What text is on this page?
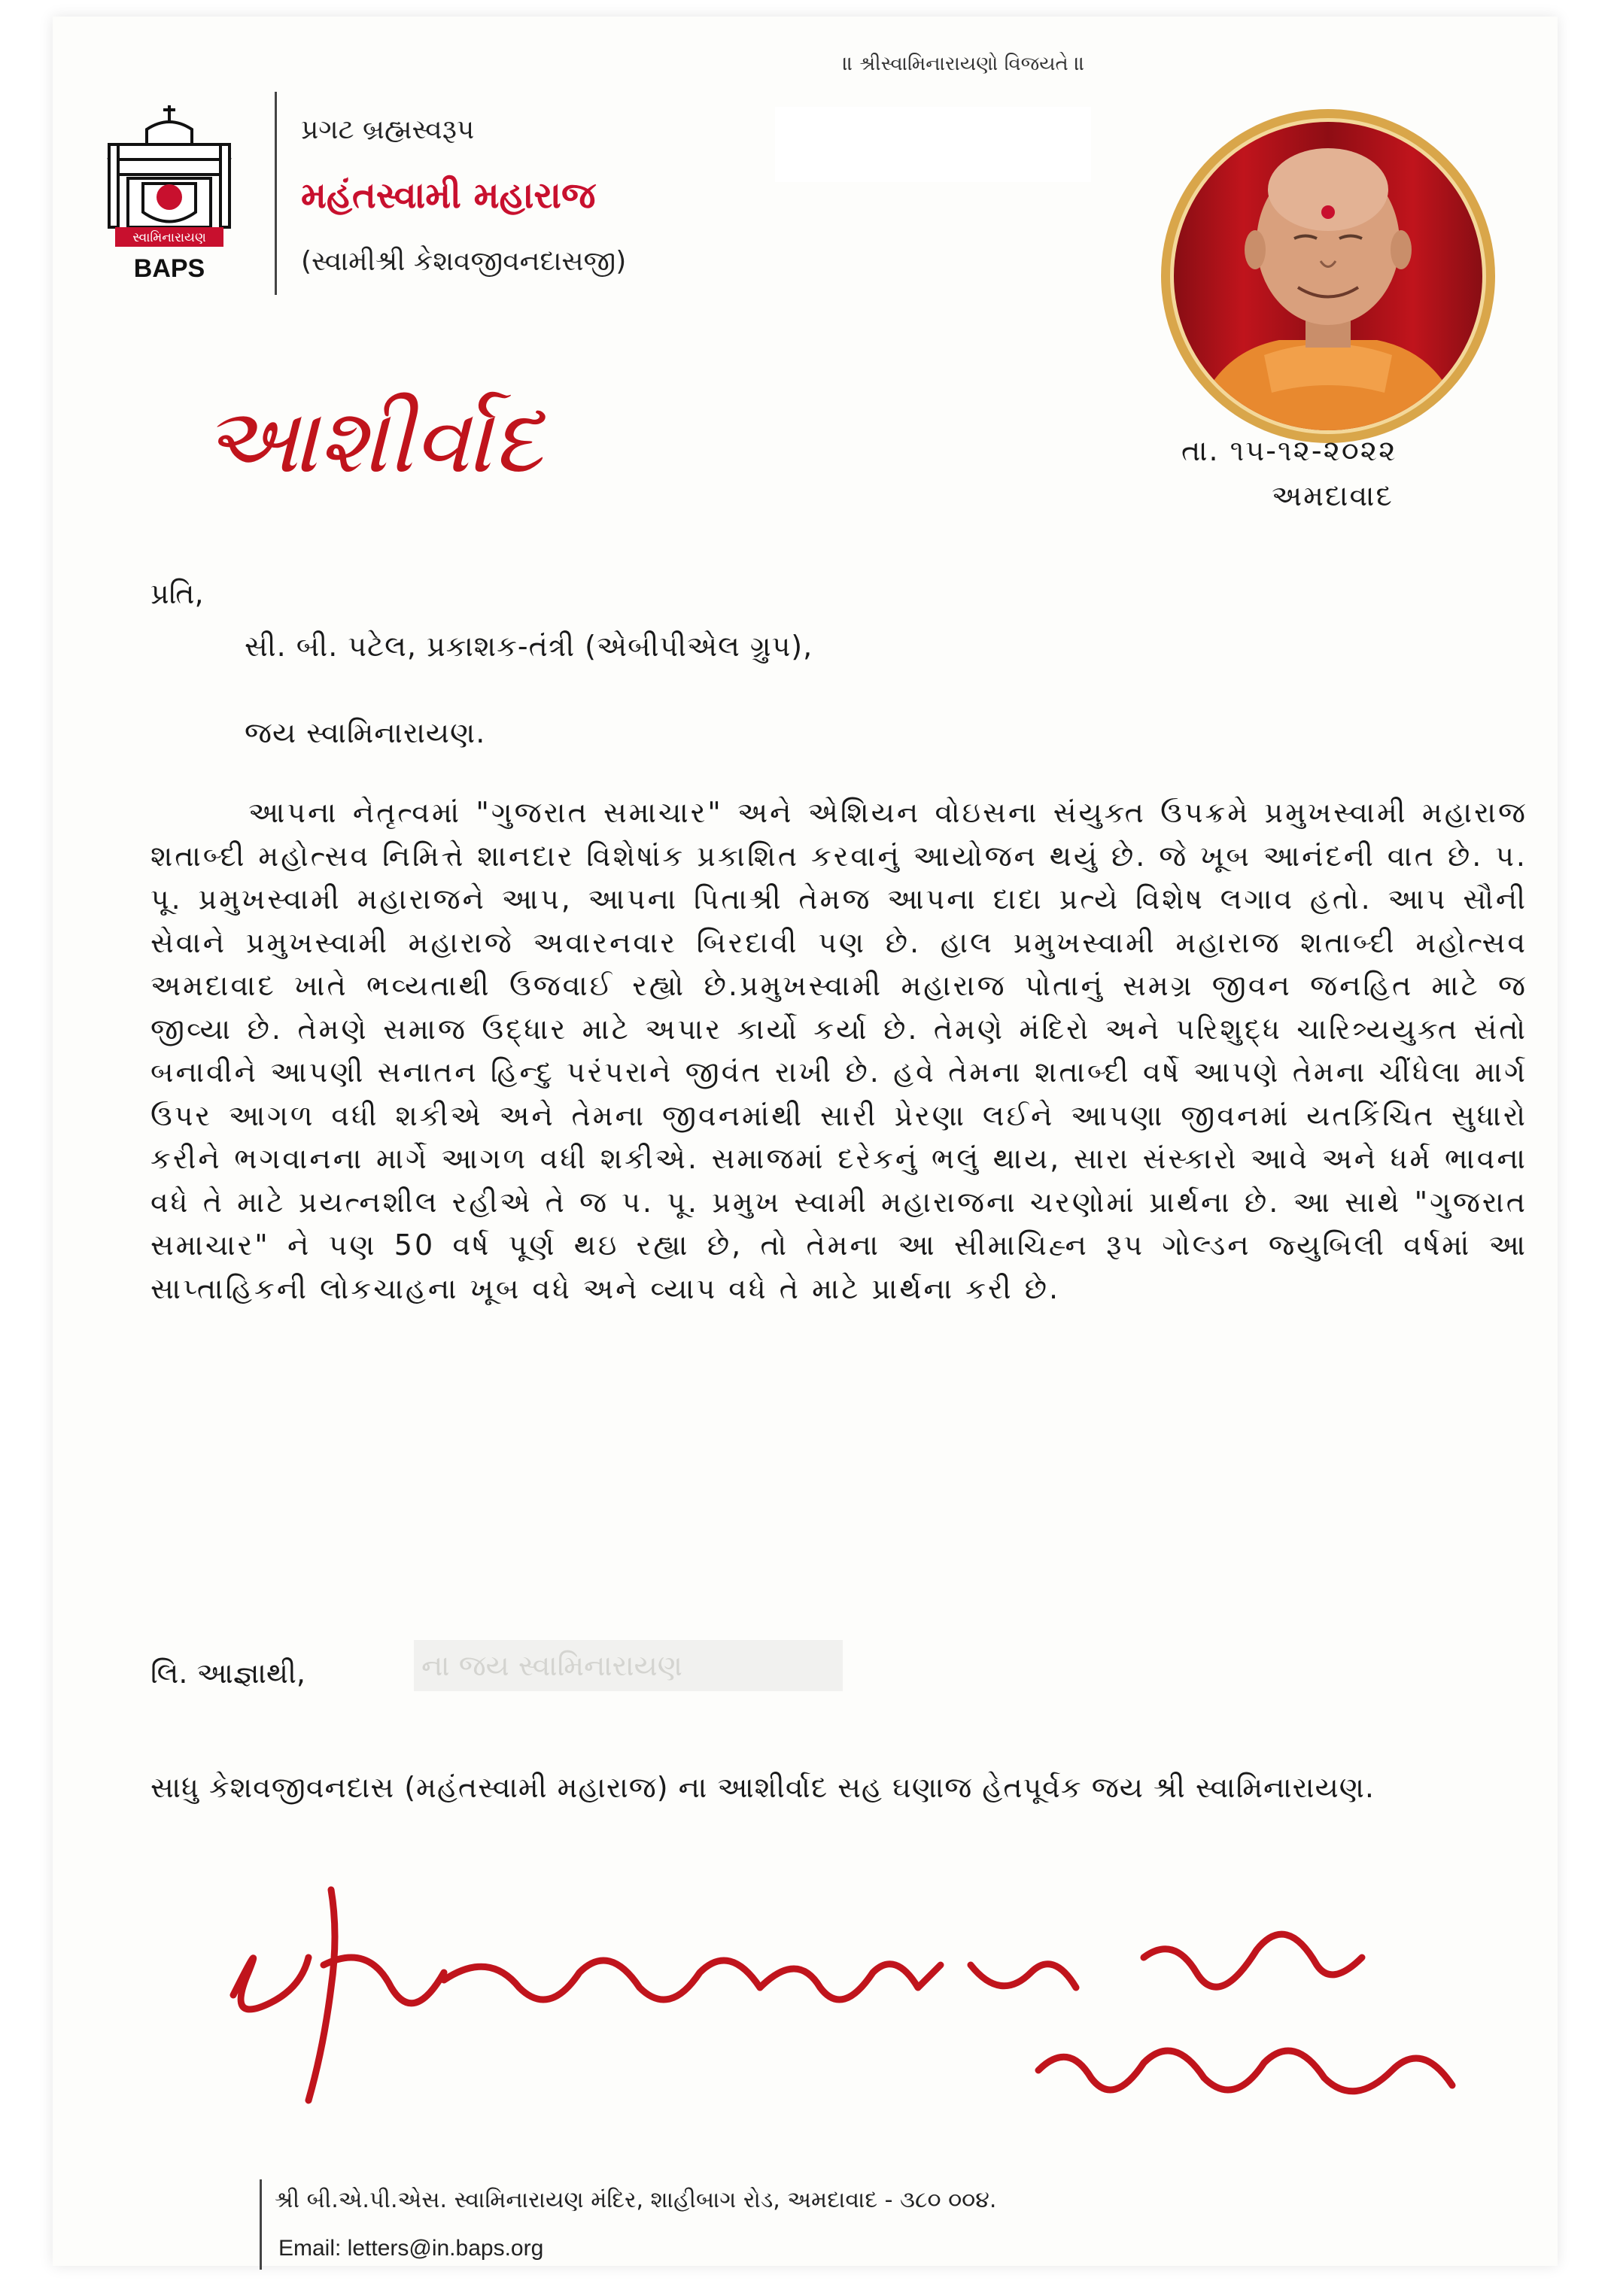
॥ શ્રીસ્વામિનારાયણો વિજયતે ॥
સ્વામિનારાયણ
BAPS
પ્રગટ બ્રહ્મસ્વરૂપ
મહંતસ્વામી મહારાજ
(સ્વામીશ્રી કેશવજીવનદાસજી)
આશીર્વાદ	તા. ૧૫-૧૨-૨૦૨૨
અમદાવાદ
પ્રતિ,
સી. બી. પટેલ, પ્રકાશક-તંત્રી (એબીપીએલ ગ્રુપ),
જય સ્વામિનારાયણ.

આપના નેતૃત્વમાં "ગુજરાત સમાચાર" અને એશિયન વોઇસના સંયુક્ત ઉપક્રમે પ્રમુખસ્વામી મહારાજ શતાબ્દી મહોત્સવ નિમિત્તે શાનદાર વિશેષાંક પ્રકાશિત કરવાનું આયોજન થયું છે. જે ખૂબ આનંદની વાત છે. પ. પૂ. પ્રમુખસ્વામી મહારાજને આપ, આપના પિતાશ્રી તેમજ આપના દાદા પ્રત્યે વિશેષ લગાવ હતો. આપ સૌની સેવાને પ્રમુખસ્વામી મહારાજે અવારનવાર બિરદાવી પણ છે. હાલ પ્રમુખસ્વામી મહારાજ શતાબ્દી મહોત્સવ અમદાવાદ ખાતે ભવ્યતાથી ઉજવાઈ રહ્યો છે.પ્રમુખસ્વામી મહારાજ પોતાનું સમગ્ર જીવન જનહિત માટે જ જીવ્યા છે. તેમણે સમાજ ઉદ્ધાર માટે અપાર કાર્યો કર્યા છે. તેમણે મંદિરો અને પરિશુદ્ધ ચારિત્ર્યયુક્ત સંતો બનાવીને આપણી સનાતન હિન્દુ પરંપરાને જીવંત રાખી છે. હવે તેમના શતાબ્દી વર્ષે આપણે તેમના ચીંધેલા માર્ગ ઉપર આગળ વધી શકીએ અને તેમના જીવનમાંથી સારી પ્રેરણા લઈને આપણા જીવનમાં યતકિંચિત સુધારો કરીને ભગવાનના માર્ગે આગળ વધી શકીએ. સમાજમાં દરેકનું ભલું થાય, સારા સંસ્કારો આવે અને ધર્મ ભાવના વધે તે માટે પ્રયત્નશીલ રહીએ તે જ પ. પૂ. પ્રમુખ સ્વામી મહારાજના ચરણોમાં પ્રાર્થના છે. આ સાથે "ગુજરાત સમાચાર" ને પણ 50 વર્ષ પૂર્ણ થઇ રહ્યા છે, તો તેમના આ સીમાચિહ્ન રૂપ ગોલ્ડન જ્યુબિલી વર્ષમાં આ સાપ્તાહિકની લોકચાહના ખૂબ વધે અને વ્યાપ વધે તે માટે પ્રાર્થના કરી છે.

લિ. આજ્ઞાથી,	ના જય સ્વામિનારાયણ

સાધુ કેશવજીવનદાસ (મહંતસ્વામી મહારાજ) ના આશીર્વાદ સહ ઘણાજ હેતપૂર્વક જય શ્રી સ્વામિનારાયણ.

શ્રી બી.એ.પી.એસ. સ્વામિનારાયણ મંદિર, શાહીબાગ રોડ, અમદાવાદ - ૩૮૦ ૦૦૪.
Email: letters@in.baps.org
